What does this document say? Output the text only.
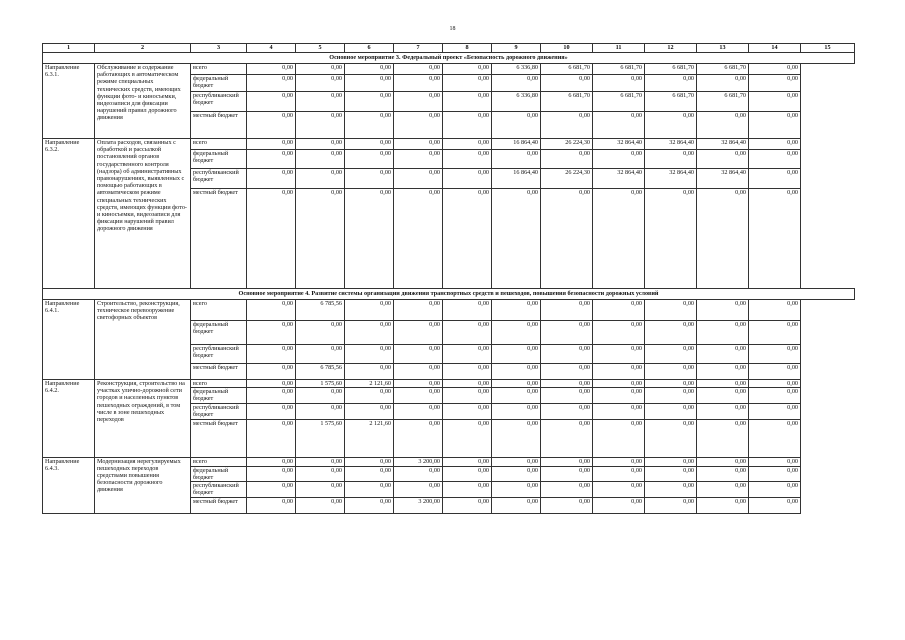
18
1	2	3	4	5	6	7	8	9	10	11	12	13	14	15
Основное мероприятие 3. Федеральный проект «Безопасность дорожного движения»														
Направление 6.3.1.	Обслуживание и содержание работающих в автоматическом режиме специальных технических средств, имеющих функции фото- и киносъемки, видеозаписи для фиксации нарушений правил дорожного движения	всего	0,00	0,00	0,00	0,00	0,00	6 336,80	6 681,70	6 681,70	6 681,70	6 681,70	0,00	
		федеральный бюджет	0,00	0,00	0,00	0,00	0,00	0,00	0,00	0,00	0,00	0,00	0,00	
		республиканский бюджет	0,00	0,00	0,00	0,00	0,00	6 336,80	6 681,70	6 681,70	6 681,70	6 681,70	0,00	
		местный бюджет	0,00	0,00	0,00	0,00	0,00	0,00	0,00	0,00	0,00	0,00	0,00	
Направление 6.3.2.	Оплата расходов, связанных с обработкой и рассылкой постановлений органов государственного контроля (надзора) об административных правонарушениях, выявленных с помощью работающих в автоматическом режиме специальных технических средств, имеющих функции фото- и киносъемки, видеозаписи для фиксации нарушений правил дорожного движения	всего	0,00	0,00	0,00	0,00	0,00	16 864,40	26 224,30	32 864,40	32 864,40	32 864,40	0,00	
		федеральный бюджет	0,00	0,00	0,00	0,00	0,00	0,00	0,00	0,00	0,00	0,00	0,00	
		республиканский бюджет	0,00	0,00	0,00	0,00	0,00	16 864,40	26 224,30	32 864,40	32 864,40	32 864,40	0,00	
		местный бюджет	0,00	0,00	0,00	0,00	0,00	0,00	0,00	0,00	0,00	0,00	0,00	
Основное мероприятие 4. Развитие системы организации движения транспортных средств и пешеходов, повышения безопасности дорожных условий														
Направление 6.4.1.	Строительство, реконструкция, техническое перевооружение светофорных объектов	всего	0,00	6 785,56	0,00	0,00	0,00	0,00	0,00	0,00	0,00	0,00	0,00	
		федеральный бюджет	0,00	0,00	0,00	0,00	0,00	0,00	0,00	0,00	0,00	0,00	0,00	
		республиканский бюджет	0,00	0,00	0,00	0,00	0,00	0,00	0,00	0,00	0,00	0,00	0,00	
		местный бюджет	0,00	6 785,56	0,00	0,00	0,00	0,00	0,00	0,00	0,00	0,00	0,00	
Направление 6.4.2.	Реконструкция, строительство на участках улично-дорожной сети городов и населенных пунктов пешеходных ограждений, в том числе в зоне пешеходных переходов	всего	0,00	1 575,60	2 121,60	0,00	0,00	0,00	0,00	0,00	0,00	0,00	0,00	
		федеральный бюджет	0,00	0,00	0,00	0,00	0,00	0,00	0,00	0,00	0,00	0,00	0,00	
		республиканский бюджет	0,00	0,00	0,00	0,00	0,00	0,00	0,00	0,00	0,00	0,00	0,00	
		местный бюджет	0,00	1 575,60	2 121,60	0,00	0,00	0,00	0,00	0,00	0,00	0,00	0,00	
Направление 6.4.3.	Модернизация нерегулируемых пешеходных переходов средствами повышения безопасности дорожного движения	всего	0,00	0,00	0,00	3 200,00	0,00	0,00	0,00	0,00	0,00	0,00	0,00	
		федеральный бюджет	0,00	0,00	0,00	0,00	0,00	0,00	0,00	0,00	0,00	0,00	0,00	
		республиканский бюджет	0,00	0,00	0,00	0,00	0,00	0,00	0,00	0,00	0,00	0,00	0,00	
		местный бюджет	0,00	0,00	0,00	3 200,00	0,00	0,00	0,00	0,00	0,00	0,00	0,00	
